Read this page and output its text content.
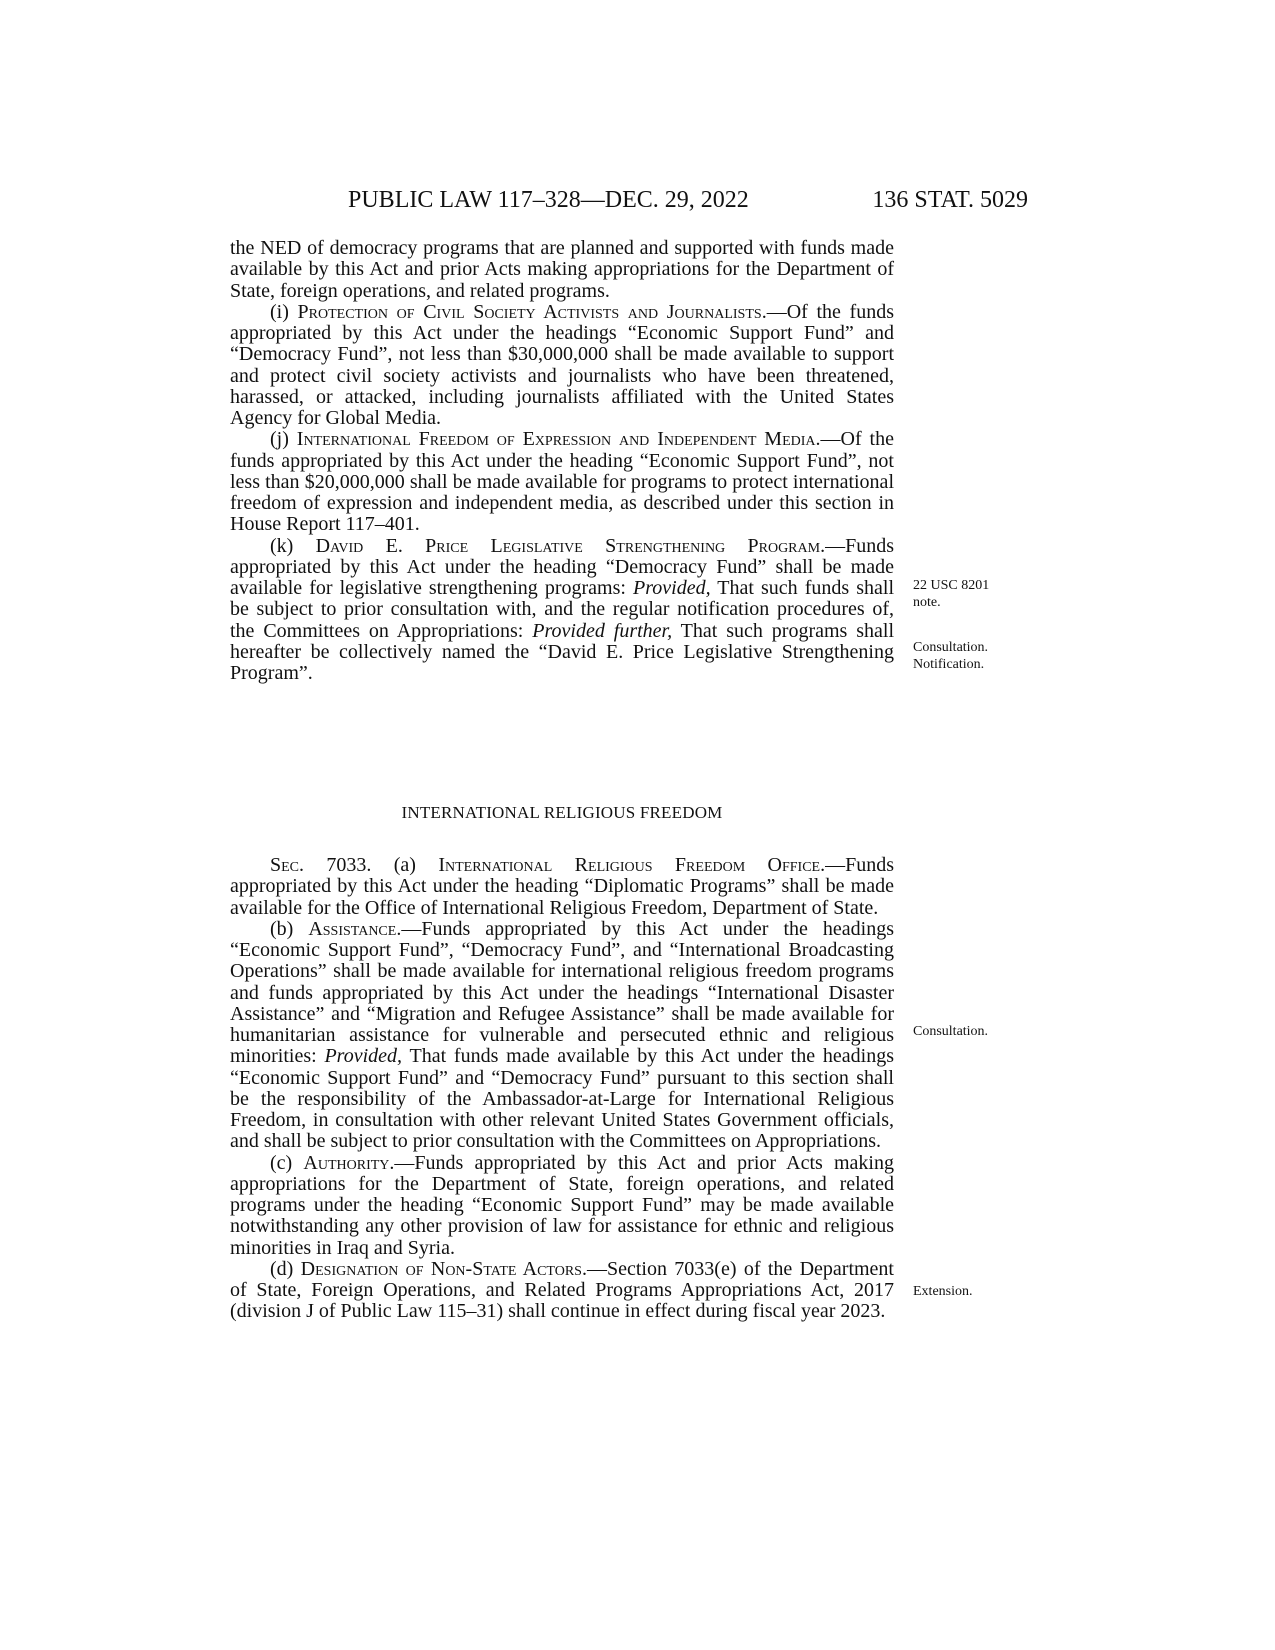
PUBLIC LAW 117–328—DEC. 29, 2022	136 STAT. 5029

the NED of democracy programs that are planned and supported with funds made available by this Act and prior Acts making appropriations for the Department of State, foreign operations, and related programs.

(i) Protection of Civil Society Activists and Journalists.—Of the funds appropriated by this Act under the headings “Economic Support Fund” and “Democracy Fund”, not less than $30,000,000 shall be made available to support and protect civil society activists and journalists who have been threatened, harassed, or attacked, including journalists affiliated with the United States Agency for Global Media.

(j) International Freedom of Expression and Independent Media.—Of the funds appropriated by this Act under the heading “Economic Support Fund”, not less than $20,000,000 shall be made available for programs to protect international freedom of expression and independent media, as described under this section in House Report 117–401.

(k) David E. Price Legislative Strengthening Program.—Funds appropriated by this Act under the heading “Democracy Fund” shall be made available for legislative strengthening programs: Provided, That such funds shall be subject to prior consultation with, and the regular notification procedures of, the Committees on Appropriations: Provided further, That such programs shall hereafter be collectively named the “David E. Price Legislative Strengthening Program”.

INTERNATIONAL RELIGIOUS FREEDOM

Sec. 7033. (a) International Religious Freedom Office.—Funds appropriated by this Act under the heading “Diplomatic Programs” shall be made available for the Office of International Religious Freedom, Department of State.

(b) Assistance.—Funds appropriated by this Act under the headings “Economic Support Fund”, “Democracy Fund”, and “International Broadcasting Operations” shall be made available for international religious freedom programs and funds appropriated by this Act under the headings “International Disaster Assistance” and “Migration and Refugee Assistance” shall be made available for humanitarian assistance for vulnerable and persecuted ethnic and religious minorities: Provided, That funds made available by this Act under the headings “Economic Support Fund” and “Democracy Fund” pursuant to this section shall be the responsibility of the Ambassador-at-Large for International Religious Freedom, in consultation with other relevant United States Government officials, and shall be subject to prior consultation with the Committees on Appropriations.

(c) Authority.—Funds appropriated by this Act and prior Acts making appropriations for the Department of State, foreign operations, and related programs under the heading “Economic Support Fund” may be made available notwithstanding any other provision of law for assistance for ethnic and religious minorities in Iraq and Syria.

(d) Designation of Non-State Actors.—Section 7033(e) of the Department of State, Foreign Operations, and Related Programs Appropriations Act, 2017 (division J of Public Law 115–31) shall continue in effect during fiscal year 2023.

22 USC 8201
note.
Consultation.
Notification.
Consultation.
Extension.
